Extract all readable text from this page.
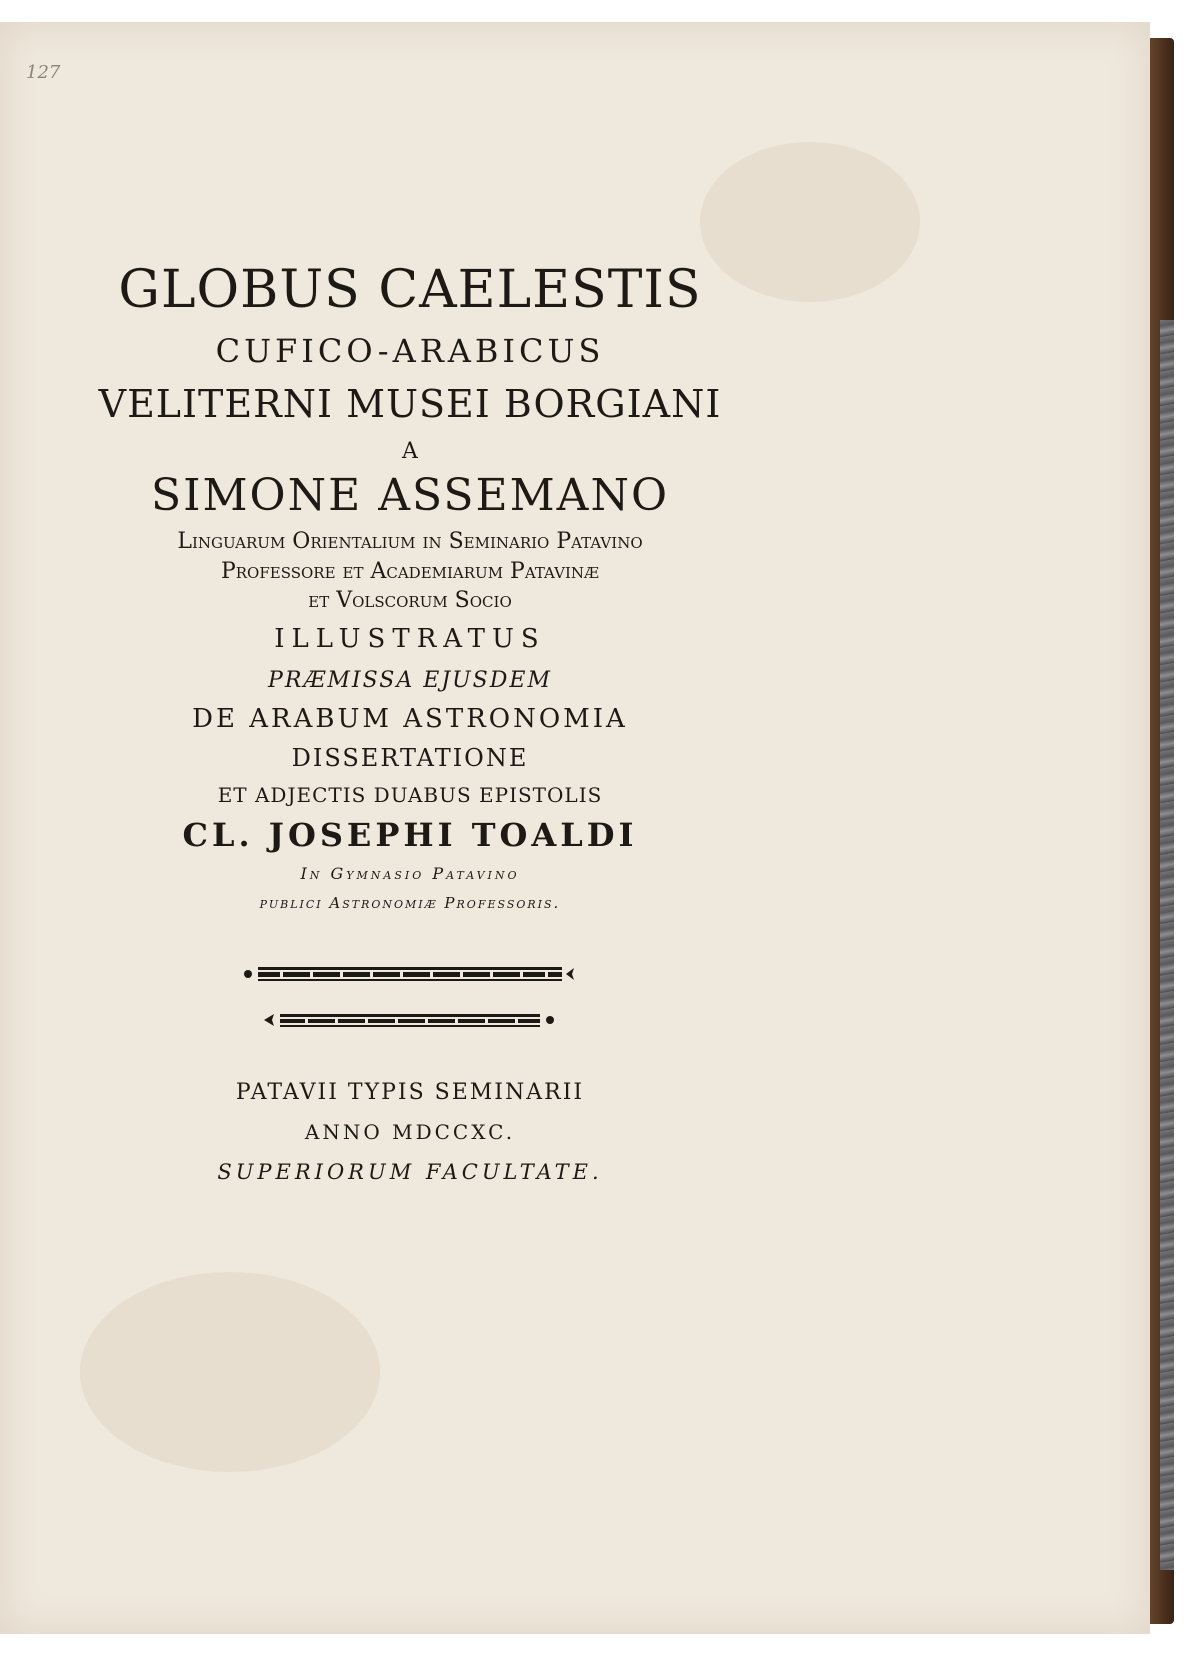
127
GLOBUS CAELESTIS
CUFICO-ARABICUS
VELITERNI MUSEI BORGIANI
A
SIMONE ASSEMANO
Linguarum Orientalium in Seminario Patavino
Professore et Academiarum Patavinæ
et Volscorum Socio
ILLUSTRATUS
PRÆMISSA EJUSDEM
DE ARABUM ASTRONOMIA
DISSERTATIONE
ET ADJECTIS DUABUS EPISTOLIS
CL. JOSEPHI TOALDI
In Gymnasio Patavino
publici Astronomiæ Professoris.
PATAVII TYPIS SEMINARII
ANNO MDCCXC.
SUPERIORUM FACULTATE.
